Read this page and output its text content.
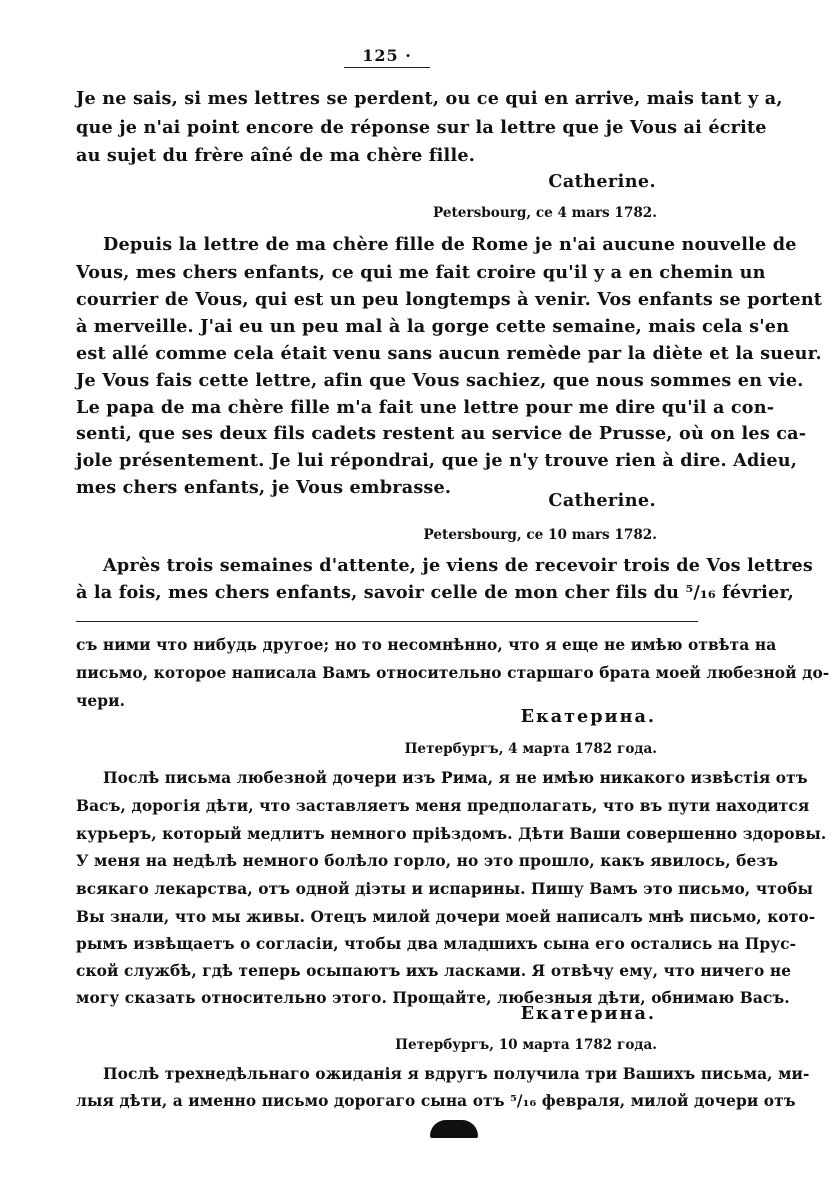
125 ·
Je ne sais, si mes lettres se perdent, ou ce qui en arrive, mais tant y a,
que je n'ai point encore de réponse sur la lettre que je Vous ai écrite
au sujet du frère aîné de ma chère fille.
Catherine.
Petersbourg, ce 4 mars 1782.
Depuis la lettre de ma chère fille de Rome je n'ai aucune nouvelle de
Vous, mes chers enfants, ce qui me fait croire qu'il y a en chemin un
courrier de Vous, qui est un peu longtemps à venir. Vos enfants se portent
à merveille. J'ai eu un peu mal à la gorge cette semaine, mais cela s'en
est allé comme cela était venu sans aucun remède par la diète et la sueur.
Je Vous fais cette lettre, afin que Vous sachiez, que nous sommes en vie.
Le papa de ma chère fille m'a fait une lettre pour me dire qu'il a con-
senti, que ses deux fils cadets restent au service de Prusse, où on les ca-
jole présentement. Je lui répondrai, que je n'y trouve rien à dire. Adieu,
mes chers enfants, je Vous embrasse.
Catherine.
Petersbourg, ce 10 mars 1782.
Après trois semaines d'attente, je viens de recevoir trois de Vos lettres
à la fois, mes chers enfants, savoir celle de mon cher fils du ⁵/₁₆ février,
съ ними что нибудь другое; но то несомнѣнно, что я еще не имѣю отвѣта на
письмо, которое написала Вамъ относительно старшаго брата моей любезной до-
чери.
Екатерина.
Петербургъ, 4 марта 1782 года.
Послѣ письма любезной дочери изъ Рима, я не имѣю никакого извѣстія отъ
Васъ, дорогія дѣти, что заставляетъ меня предполагать, что въ пути находится
курьеръ, который медлитъ немного пріѣздомъ. Дѣти Ваши совершенно здоровы.
У меня на недѣлѣ немного болѣло горло, но это прошло, какъ явилось, безъ
всякаго лекарства, отъ одной діэты и испарины. Пишу Вамъ это письмо, чтобы
Вы знали, что мы живы. Отецъ милой дочери моей написалъ мнѣ письмо, кото-
рымъ извѣщаетъ о согласіи, чтобы два младшихъ сына его остались на Прус-
ской службѣ, гдѣ теперь осыпаютъ ихъ ласками. Я отвѣчу ему, что ничего не
могу сказать относительно этого. Прощайте, любезныя дѣти, обнимаю Васъ.
Екатерина.
Петербургъ, 10 марта 1782 года.
Послѣ трехнедѣльнаго ожиданія я вдругъ получила три Вашихъ письма, ми-
лыя дѣти, а именно письмо дорогаго сына отъ ⁵/₁₆ февраля, милой дочери отъ
